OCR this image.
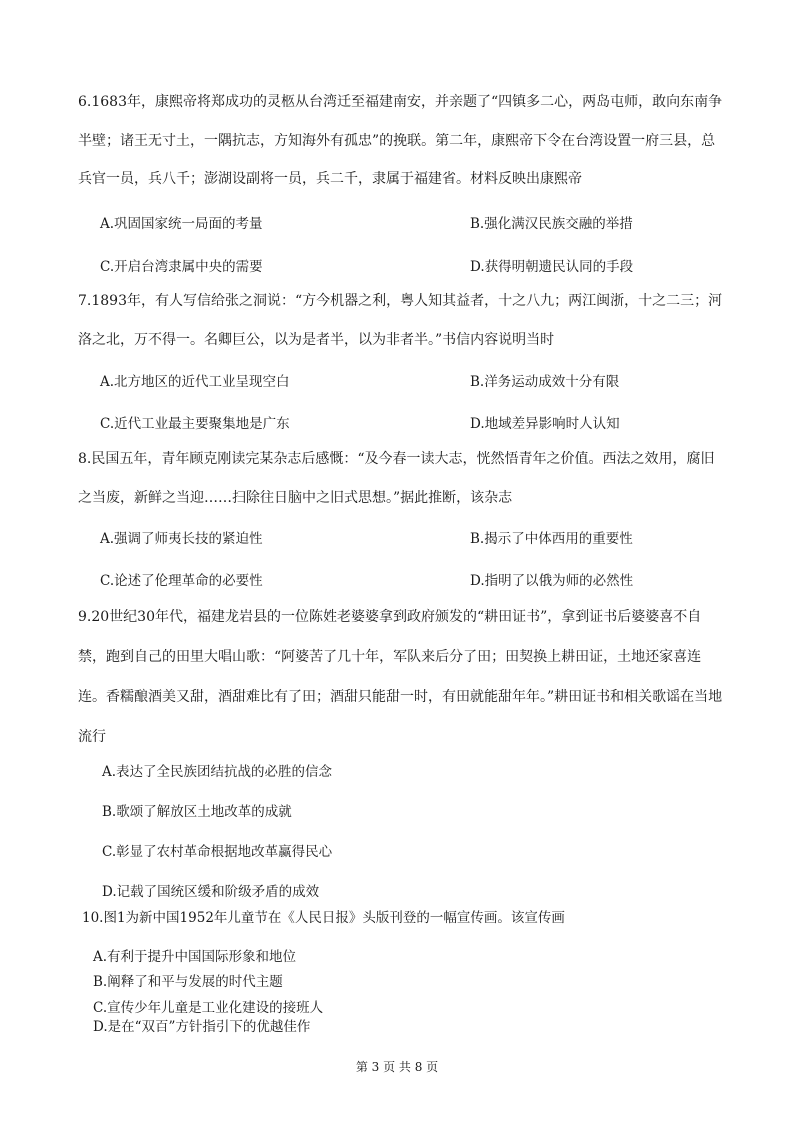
6.1683年，康熙帝将郑成功的灵柩从台湾迁至福建南安，并亲题了“四镇多二心，两岛屯师，敢向东南争半壁；诸王无寸土，一隅抗志，方知海外有孤忠”的挽联。第二年，康熙帝下令在台湾设置一府三县，总兵官一员，兵八千；澎湖设副将一员，兵二千，隶属于福建省。材料反映出康熙帝

A.巩固国家统一局面的考量	B.强化满汉民族交融的举措
C.开启台湾隶属中央的需要	D.获得明朝遗民认同的手段

7.1893年，有人写信给张之洞说：“方今机器之利，粤人知其益者，十之八九；两江闽浙，十之二三；河洛之北，万不得一。名卿巨公，以为是者半，以为非者半。”书信内容说明当时

A.北方地区的近代工业呈现空白	B.洋务运动成效十分有限
C.近代工业最主要聚集地是广东	D.地域差异影响时人认知

8.民国五年，青年顾克刚读完某杂志后感慨：“及今春一读大志，恍然悟青年之价值。西法之效用，腐旧之当废，新鲜之当迎……扫除往日脑中之旧式思想。”据此推断，该杂志

A.强调了师夷长技的紧迫性	B.揭示了中体西用的重要性
C.论述了伦理革命的必要性	D.指明了以俄为师的必然性

9.20世纪30年代，福建龙岩县的一位陈姓老婆婆拿到政府颁发的“耕田证书”，拿到证书后婆婆喜不自禁，跑到自己的田里大唱山歌：“阿婆苦了几十年，军队来后分了田；田契换上耕田证，土地还家喜连连。香糯酿酒美又甜，酒甜难比有了田；酒甜只能甜一时，有田就能甜年年。”耕田证书和相关歌谣在当地流行

A.表达了全民族团结抗战的必胜的信念
B.歌颂了解放区土地改革的成就
C.彰显了农村革命根据地改革赢得民心
D.记载了国统区缓和阶级矛盾的成效

10.图1为新中国1952年儿童节在《人民日报》头版刊登的一幅宣传画。该宣传画

A.有利于提升中国国际形象和地位
B.阐释了和平与发展的时代主题
C.宣传少年儿童是工业化建设的接班人
D.是在“双百”方针指引下的优越佳作
第 3 页 共 8 页
